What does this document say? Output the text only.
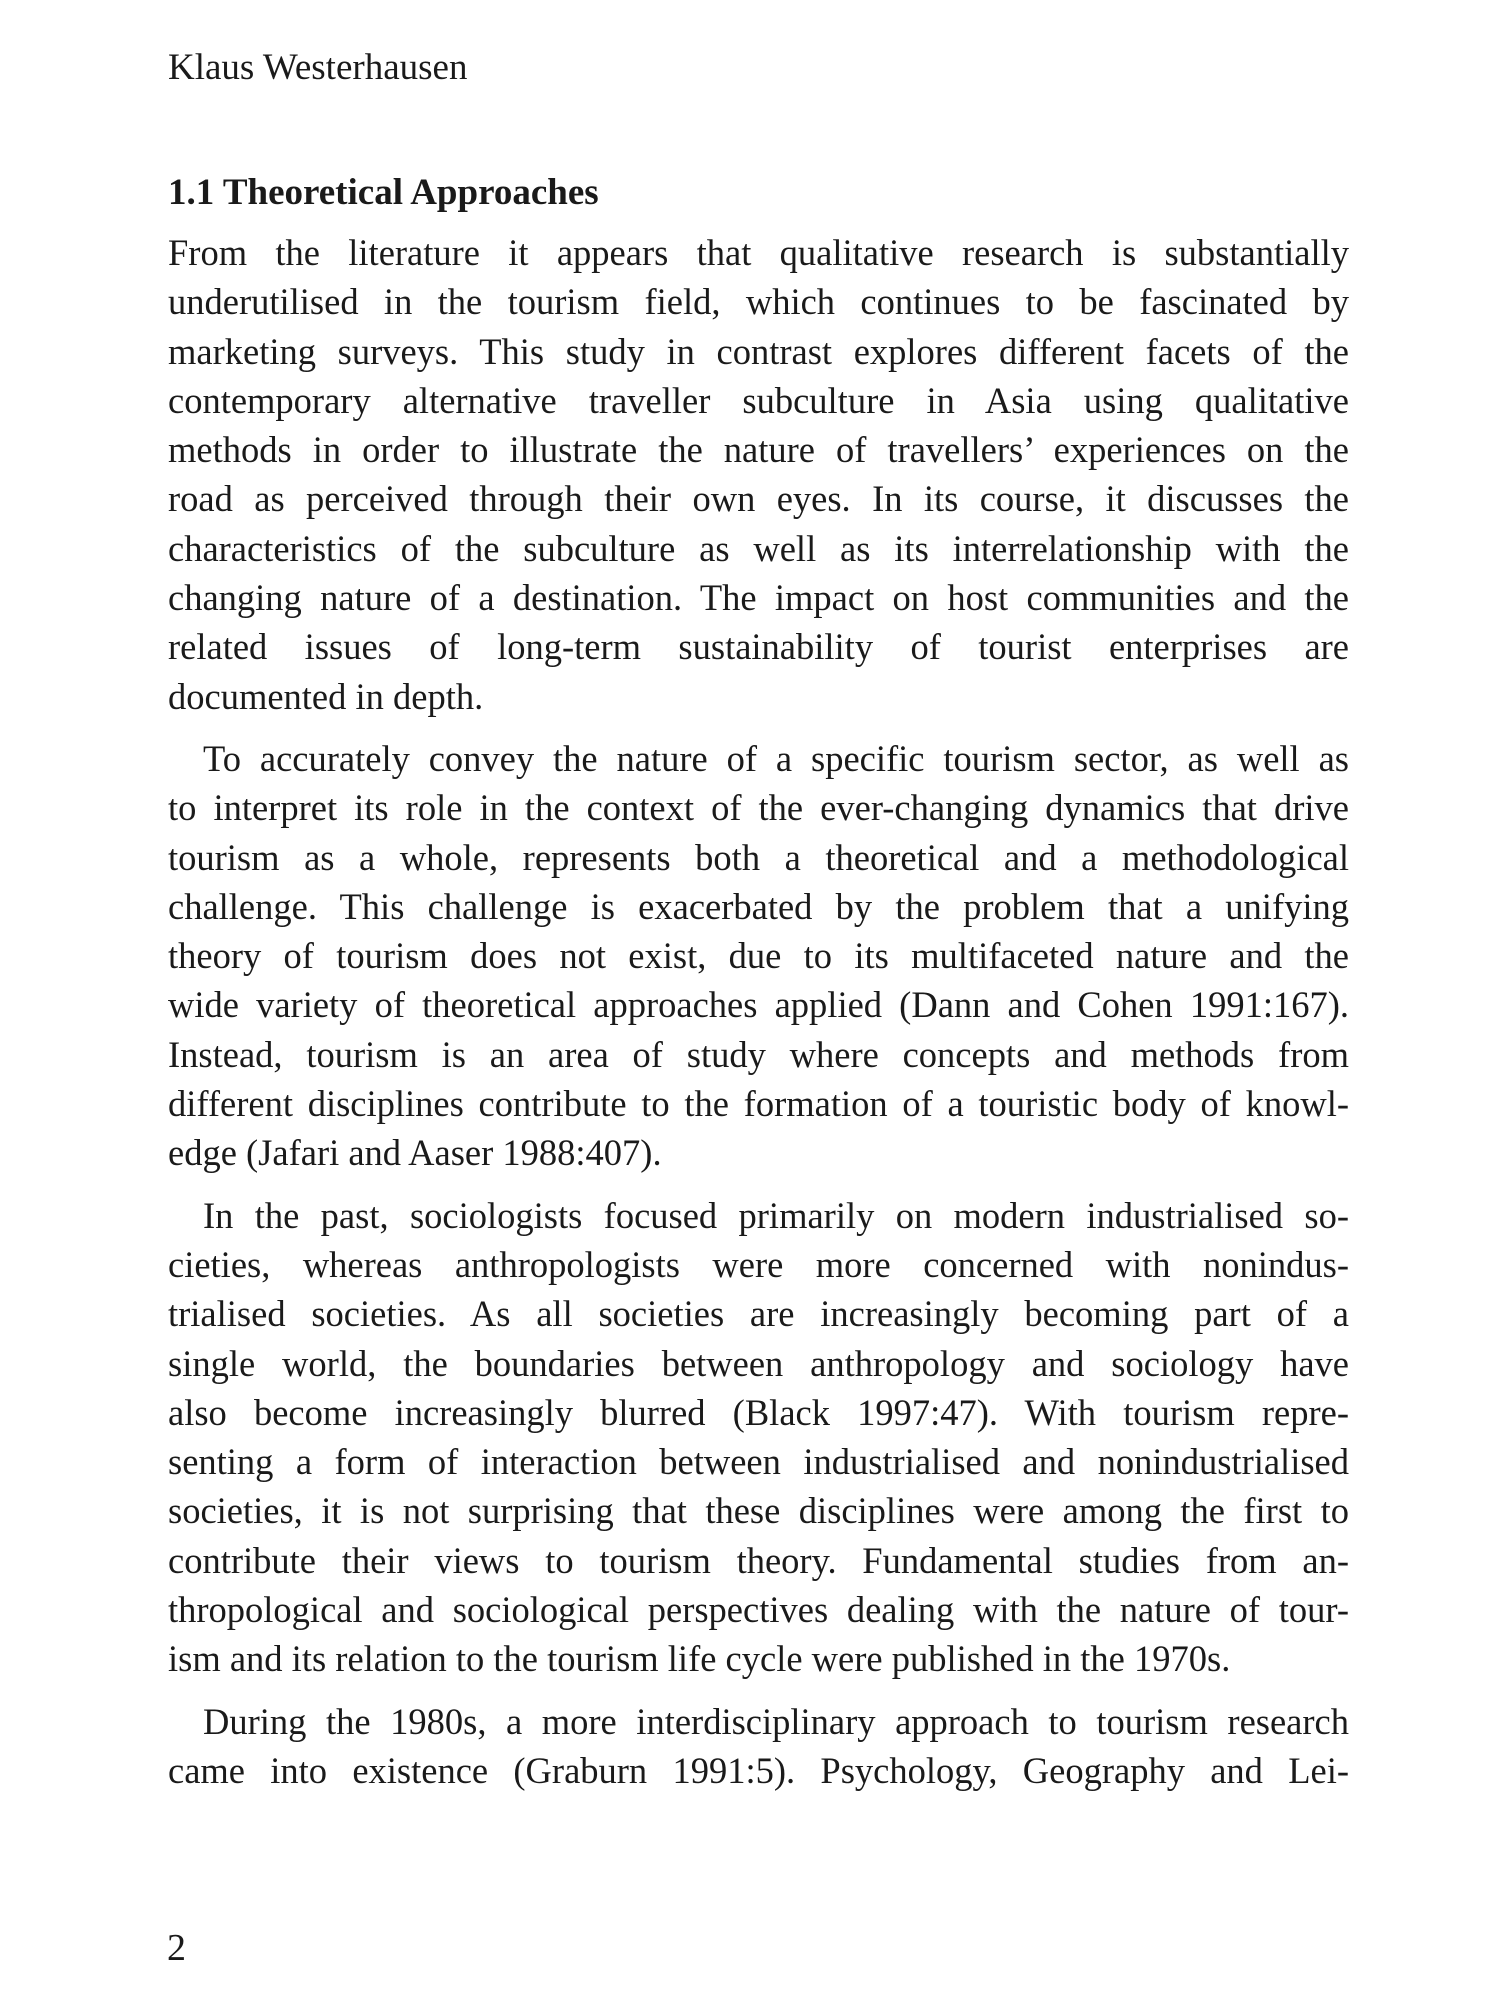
Klaus Westerhausen
1.1 Theoretical Approaches
From the literature it appears that qualitative research is substantially
underutilised in the tourism field, which continues to be fascinated by
marketing surveys. This study in contrast explores different facets of the
contemporary alternative traveller subculture in Asia using qualitative
methods in order to illustrate the nature of travellers’ experiences on the
road as perceived through their own eyes. In its course, it discusses the
characteristics of the subculture as well as its interrelationship with the
changing nature of a destination. The impact on host communities and the
related issues of long-term sustainability of tourist enterprises are
documented in depth.
To accurately convey the nature of a specific tourism sector, as well as
to interpret its role in the context of the ever-changing dynamics that drive
tourism as a whole, represents both a theoretical and a methodological
challenge. This challenge is exacerbated by the problem that a unifying
theory of tourism does not exist, due to its multifaceted nature and the
wide variety of theoretical approaches applied (Dann and Cohen 1991:167).
Instead, tourism is an area of study where concepts and methods from
different disciplines contribute to the formation of a touristic body of knowl-
edge (Jafari and Aaser 1988:407).
In the past, sociologists focused primarily on modern industrialised so-
cieties, whereas anthropologists were more concerned with nonindus-
trialised societies. As all societies are increasingly becoming part of a
single world, the boundaries between anthropology and sociology have
also become increasingly blurred (Black 1997:47). With tourism repre-
senting a form of interaction between industrialised and nonindustrialised
societies, it is not surprising that these disciplines were among the first to
contribute their views to tourism theory. Fundamental studies from an-
thropological and sociological perspectives dealing with the nature of tour-
ism and its relation to the tourism life cycle were published in the 1970s.
During the 1980s, a more interdisciplinary approach to tourism research
came into existence (Graburn 1991:5). Psychology, Geography and Lei-
2
